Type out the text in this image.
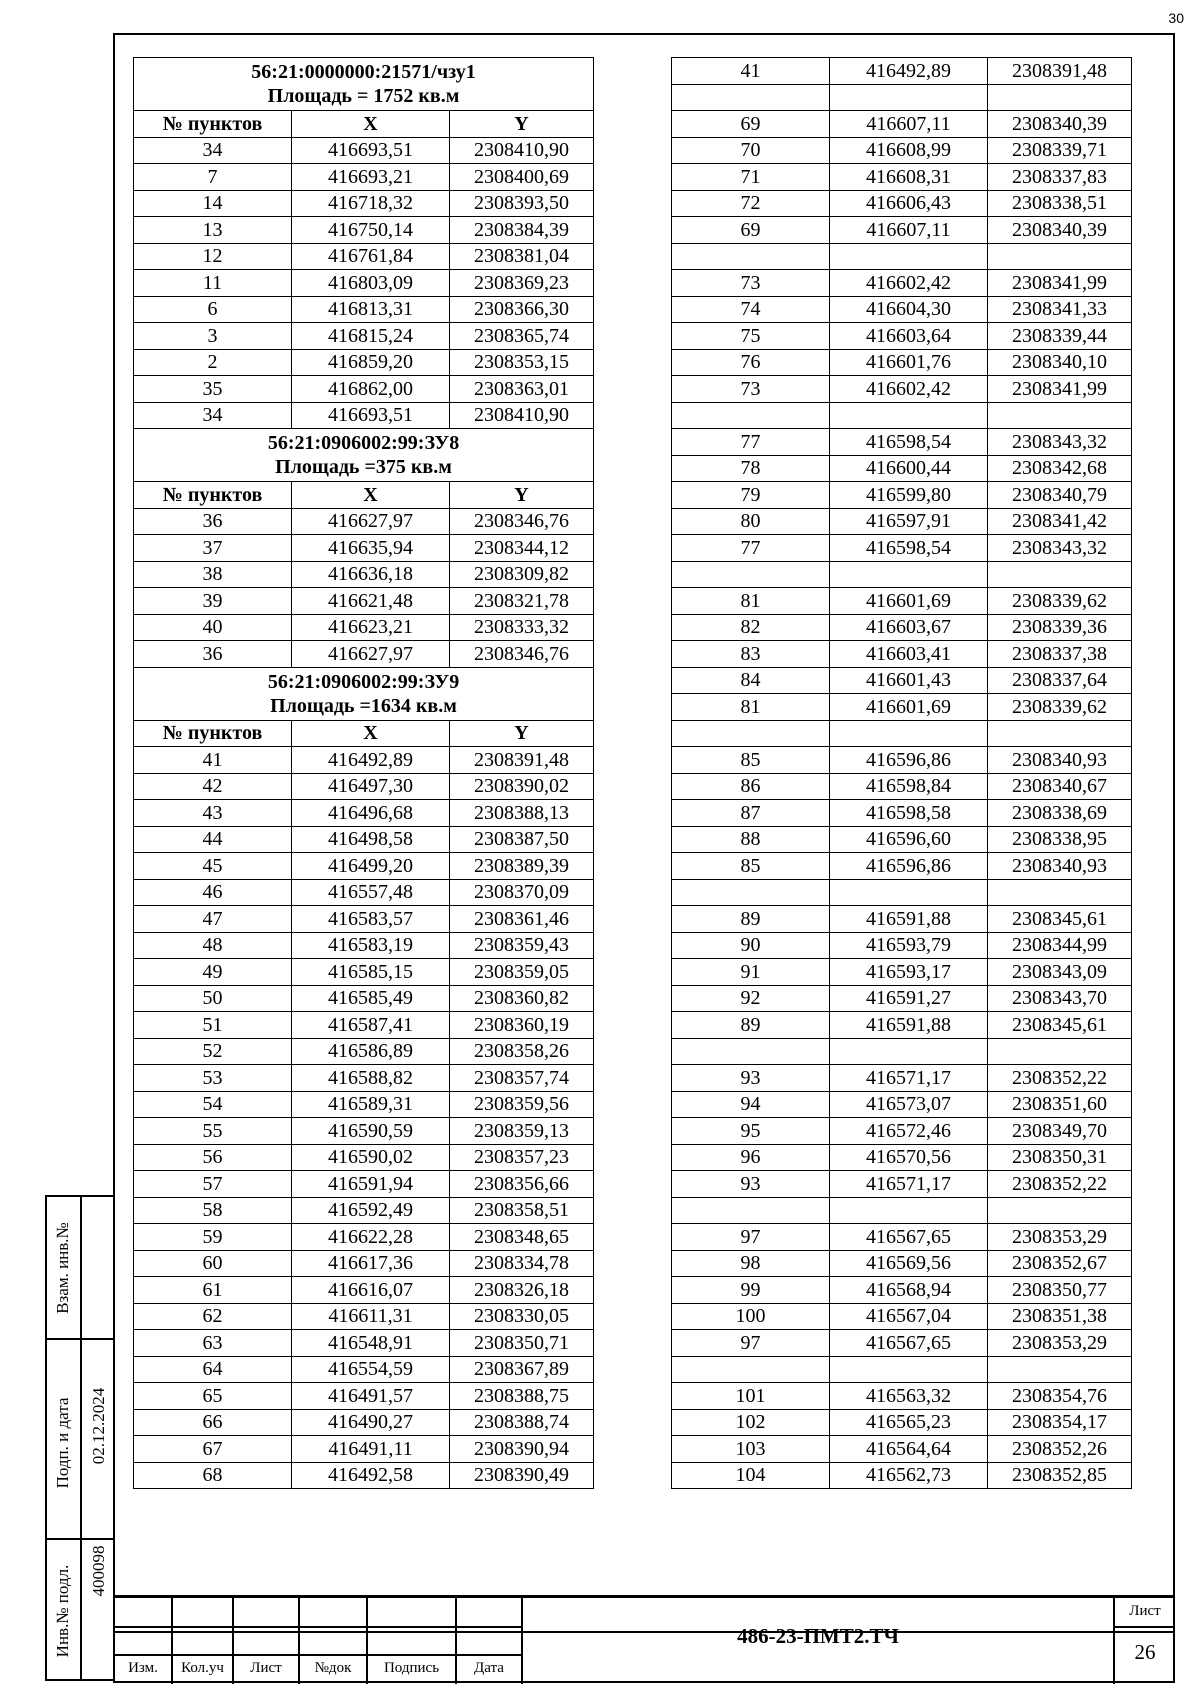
30
56:21:0000000:21571/чзу1
Площадь = 1752 кв.м		

№ пунктов	X	Y
34	416693,51	2308410,90
7	416693,21	2308400,69
14	416718,32	2308393,50
13	416750,14	2308384,39
12	416761,84	2308381,04
11	416803,09	2308369,23
6	416813,31	2308366,30
3	416815,24	2308365,74
2	416859,20	2308353,15
35	416862,00	2308363,01
34	416693,51	2308410,90

56:21:0906002:99:ЗУ8
Площадь =375 кв.м		

№ пунктов	X	Y
36	416627,97	2308346,76
37	416635,94	2308344,12
38	416636,18	2308309,82
39	416621,48	2308321,78
40	416623,21	2308333,32
36	416627,97	2308346,76

56:21:0906002:99:ЗУ9
Площадь =1634 кв.м		

№ пунктов	X	Y
41	416492,89	2308391,48
42	416497,30	2308390,02
43	416496,68	2308388,13
44	416498,58	2308387,50
45	416499,20	2308389,39
46	416557,48	2308370,09
47	416583,57	2308361,46
48	416583,19	2308359,43
49	416585,15	2308359,05
50	416585,49	2308360,82
51	416587,41	2308360,19
52	416586,89	2308358,26
53	416588,82	2308357,74
54	416589,31	2308359,56
55	416590,59	2308359,13
56	416590,02	2308357,23
57	416591,94	2308356,66
58	416592,49	2308358,51
59	416622,28	2308348,65
60	416617,36	2308334,78
61	416616,07	2308326,18
62	416611,31	2308330,05
63	416548,91	2308350,71
64	416554,59	2308367,89
65	416491,57	2308388,75
66	416490,27	2308388,74
67	416491,11	2308390,94
68	416492,58	2308390,49
41	416492,89	2308391,48

69	416607,11	2308340,39
70	416608,99	2308339,71
71	416608,31	2308337,83
72	416606,43	2308338,51
69	416607,11	2308340,39

73	416602,42	2308341,99
74	416604,30	2308341,33
75	416603,64	2308339,44
76	416601,76	2308340,10
73	416602,42	2308341,99

77	416598,54	2308343,32
78	416600,44	2308342,68
79	416599,80	2308340,79
80	416597,91	2308341,42
77	416598,54	2308343,32

81	416601,69	2308339,62
82	416603,67	2308339,36
83	416603,41	2308337,38
84	416601,43	2308337,64
81	416601,69	2308339,62

85	416596,86	2308340,93
86	416598,84	2308340,67
87	416598,58	2308338,69
88	416596,60	2308338,95
85	416596,86	2308340,93

89	416591,88	2308345,61
90	416593,79	2308344,99
91	416593,17	2308343,09
92	416591,27	2308343,70
89	416591,88	2308345,61

93	416571,17	2308352,22
94	416573,07	2308351,60
95	416572,46	2308349,70
96	416570,56	2308350,31
93	416571,17	2308352,22

97	416567,65	2308353,29
98	416569,56	2308352,67
99	416568,94	2308350,77
100	416567,04	2308351,38
97	416567,65	2308353,29

101	416563,32	2308354,76
102	416565,23	2308354,17
103	416564,64	2308352,26
104	416562,73	2308352,85
Взам. инв.№
Подп. и дата 02.12.2024
Инв.№ подл. 400098
Изм.	Кол.уч	Лист	№док	Подпись	Дата
486-23-ПМТ2.ТЧ
Лист
26
